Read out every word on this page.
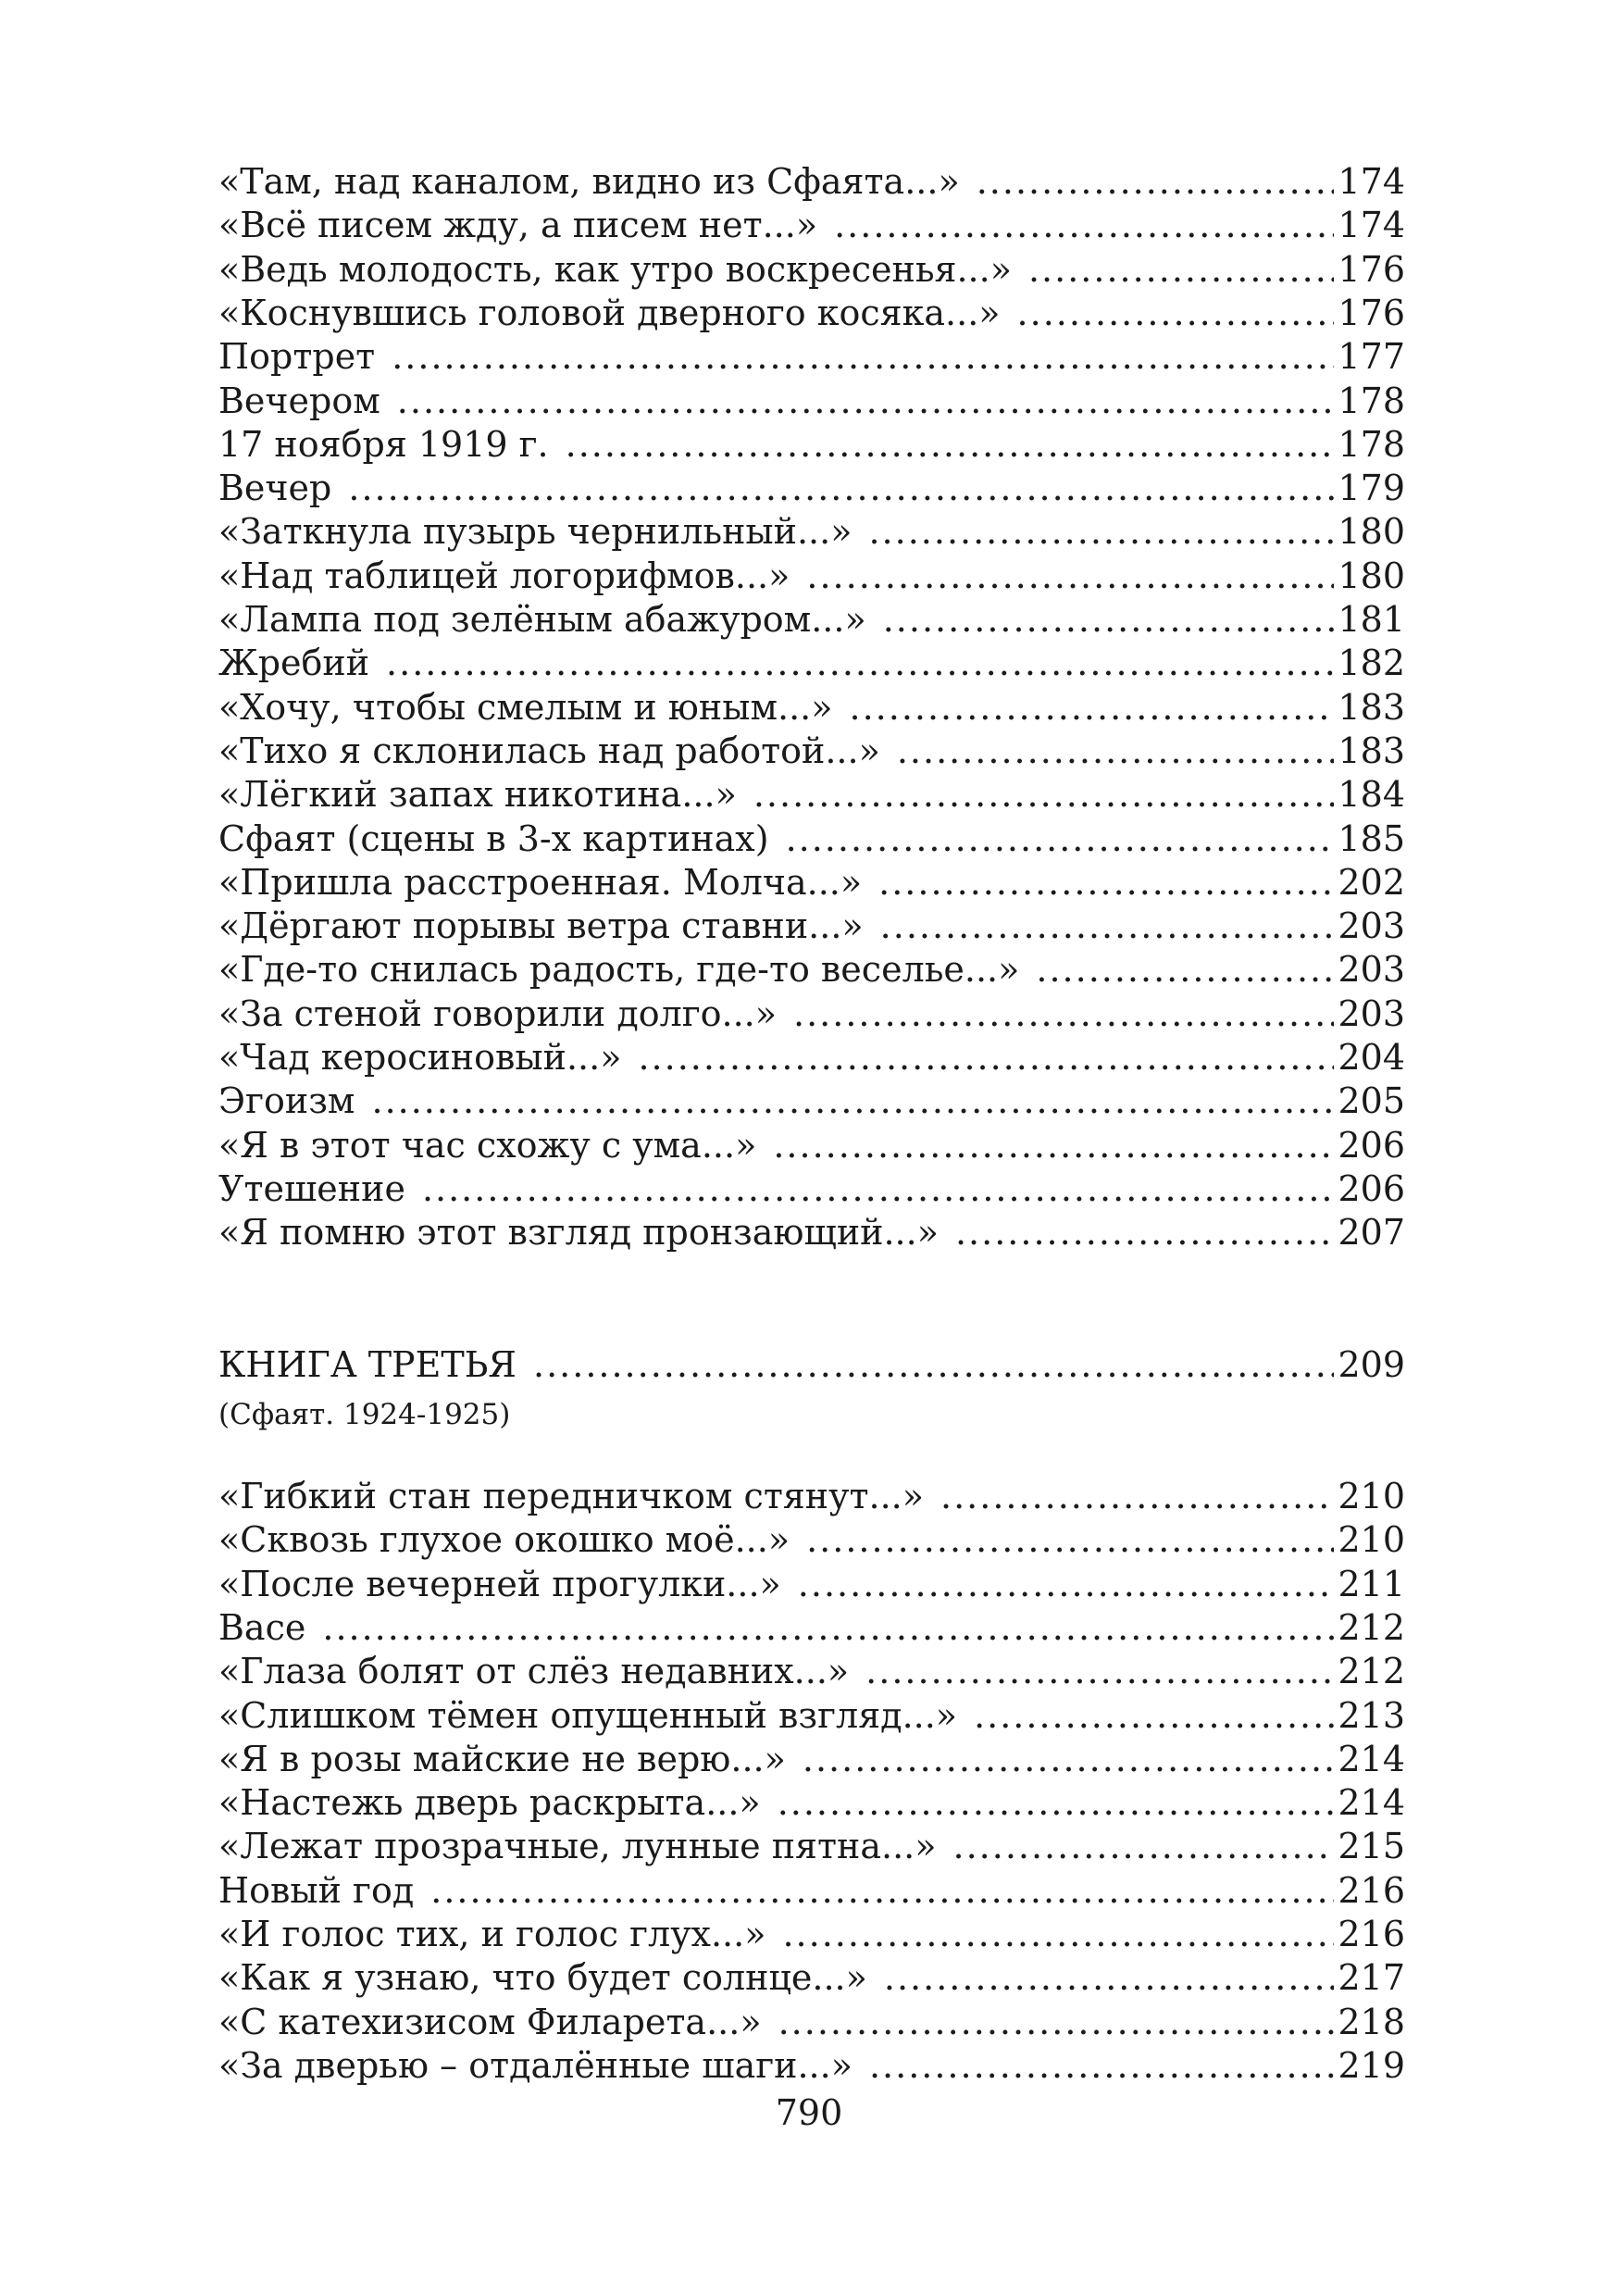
«Там, над каналом, видно из Сфаята...» .....	174
«Всё писем жду, а писем нет...» .....	174
«Ведь молодость, как утро воскресенья...» .....	176
«Коснувшись головой дверного косяка...» .....	176
Портрет .....	177
Вечером .....	178
17 ноября 1919 г. .....	178
Вечер .....	179
«Заткнула пузырь чернильный...» .....	180
«Над таблицей логорифмов...» .....	180
«Лампа под зелёным абажуром...» .....	181
Жребий .....	182
«Хочу, чтобы смелым и юным...» .....	183
«Тихо я склонилась над работой...» .....	183
«Лёгкий запах никотина...» .....	184
Сфаят (сцены в 3-х картинах) .....	185
«Пришла расстроенная. Молча...» .....	202
«Дёргают порывы ветра ставни...» .....	203
«Где-то снилась радость, где-то веселье...» .....	203
«За стеной говорили долго...» .....	203
«Чад керосиновый...» .....	204
Эгоизм .....	205
«Я в этот час схожу с ума...» .....	206
Утешение .....	206
«Я помню этот взгляд пронзающий...» .....	207
КНИГА ТРЕТЬЯ .....	209
(Сфаят. 1924-1925)
«Гибкий стан передничком стянут...» .....	210
«Сквозь глухое окошко моё...» .....	210
«После вечерней прогулки...» .....	211
Васе .....	212
«Глаза болят от слёз недавних...» .....	212
«Слишком тёмен опущенный взгляд...» .....	213
«Я в розы майские не верю...» .....	214
«Настежь дверь раскрыта...» .....	214
«Лежат прозрачные, лунные пятна...» .....	215
Новый год .....	216
«И голос тих, и голос глух...» .....	216
«Как я узнаю, что будет солнце...» .....	217
«С катехизисом Филарета...» .....	218
«За дверью – отдалённые шаги...» .....	219
790
